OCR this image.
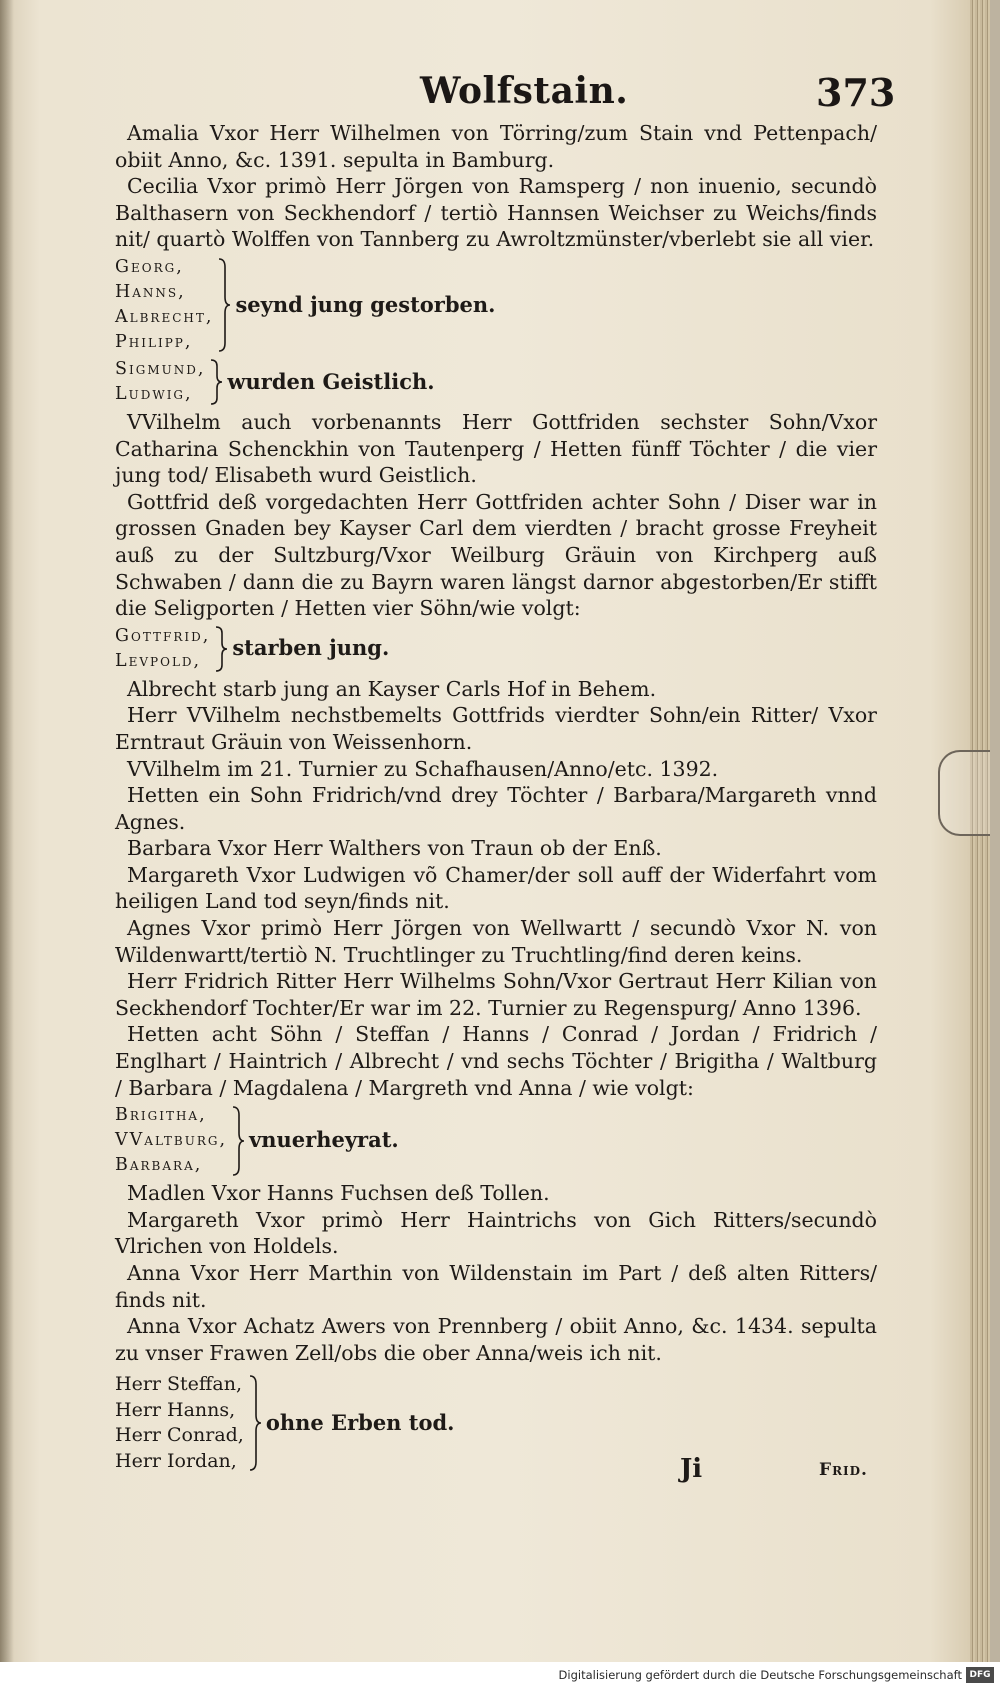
Wolfstain.	373

Amalia Vxor Herr Wilhelmen von Törring/zum Stain vnd Pettenpach/ obiit Anno, &c. 1391. sepulta in Bamburg.

Cecilia Vxor primò Herr Jörgen von Ramsperg / non inuenio, secundò Balthasern von Seckhendorf / tertiò Hannsen Weichser zu Weichs/finds nit/ quartò Wolffen von Tannberg zu Awroltzmünster/vberlebt sie all vier.

Georg,
Hanns,
Albrecht,
Philipp,
seynd jung gestorben.
Sigmund,
Ludwig,
wurden Geistlich.

VVilhelm auch vorbenannts Herr Gottfriden sechster Sohn/Vxor Catharina Schenckhin von Tautenperg / Hetten fünff Töchter / die vier jung tod/ Elisabeth wurd Geistlich.

Gottfrid deß vorgedachten Herr Gottfriden achter Sohn / Diser war in grossen Gnaden bey Kayser Carl dem vierdten / bracht grosse Freyheit auß zu der Sultzburg/Vxor Weilburg Gräuin von Kirchperg auß Schwaben / dann die zu Bayrn waren längst darnor abgestorben/Er stifft die Seligporten / Hetten vier Söhn/wie volgt:

Gottfrid,
Levpold,
starben jung.

Albrecht starb jung an Kayser Carls Hof in Behem.

Herr VVilhelm nechstbemelts Gottfrids vierdter Sohn/ein Ritter/ Vxor Erntraut Gräuin von Weissenhorn.

VVilhelm im 21. Turnier zu Schafhausen/Anno/etc. 1392.

Hetten ein Sohn Fridrich/vnd drey Töchter / Barbara/Margareth vnnd Agnes.

Barbara Vxor Herr Walthers von Traun ob der Enß.

Margareth Vxor Ludwigen võ Chamer/der soll auff der Widerfahrt vom heiligen Land tod seyn/finds nit.

Agnes Vxor primò Herr Jörgen von Wellwartt / secundò Vxor N. von Wildenwartt/tertiò N. Truchtlinger zu Truchtling/find deren keins.

Herr Fridrich Ritter Herr Wilhelms Sohn/Vxor Gertraut Herr Kilian von Seckhendorf Tochter/Er war im 22. Turnier zu Regenspurg/ Anno 1396.

Hetten acht Söhn / Steffan / Hanns / Conrad / Jordan / Fridrich / Englhart / Haintrich / Albrecht / vnd sechs Töchter / Brigitha / Waltburg / Barbara / Magdalena / Margreth vnd Anna / wie volgt:

Brigitha,
VValtburg,
Barbara,
vnuerheyrat.

Madlen Vxor Hanns Fuchsen deß Tollen.

Margareth Vxor primò Herr Haintrichs von Gich Ritters/secundò Vlrichen von Holdels.

Anna Vxor Herr Marthin von Wildenstain im Part / deß alten Ritters/ finds nit.

Anna Vxor Achatz Awers von Prennberg / obiit Anno, &c. 1434. sepulta zu vnser Frawen Zell/obs die ober Anna/weis ich nit.

Herr Steffan,
Herr Hanns,
Herr Conrad,
Herr Iordan,
ohne Erben tod.
Ji	Frid.
Digitalisierung gefördert durch die Deutsche Forschungsgemeinschaft DFG
